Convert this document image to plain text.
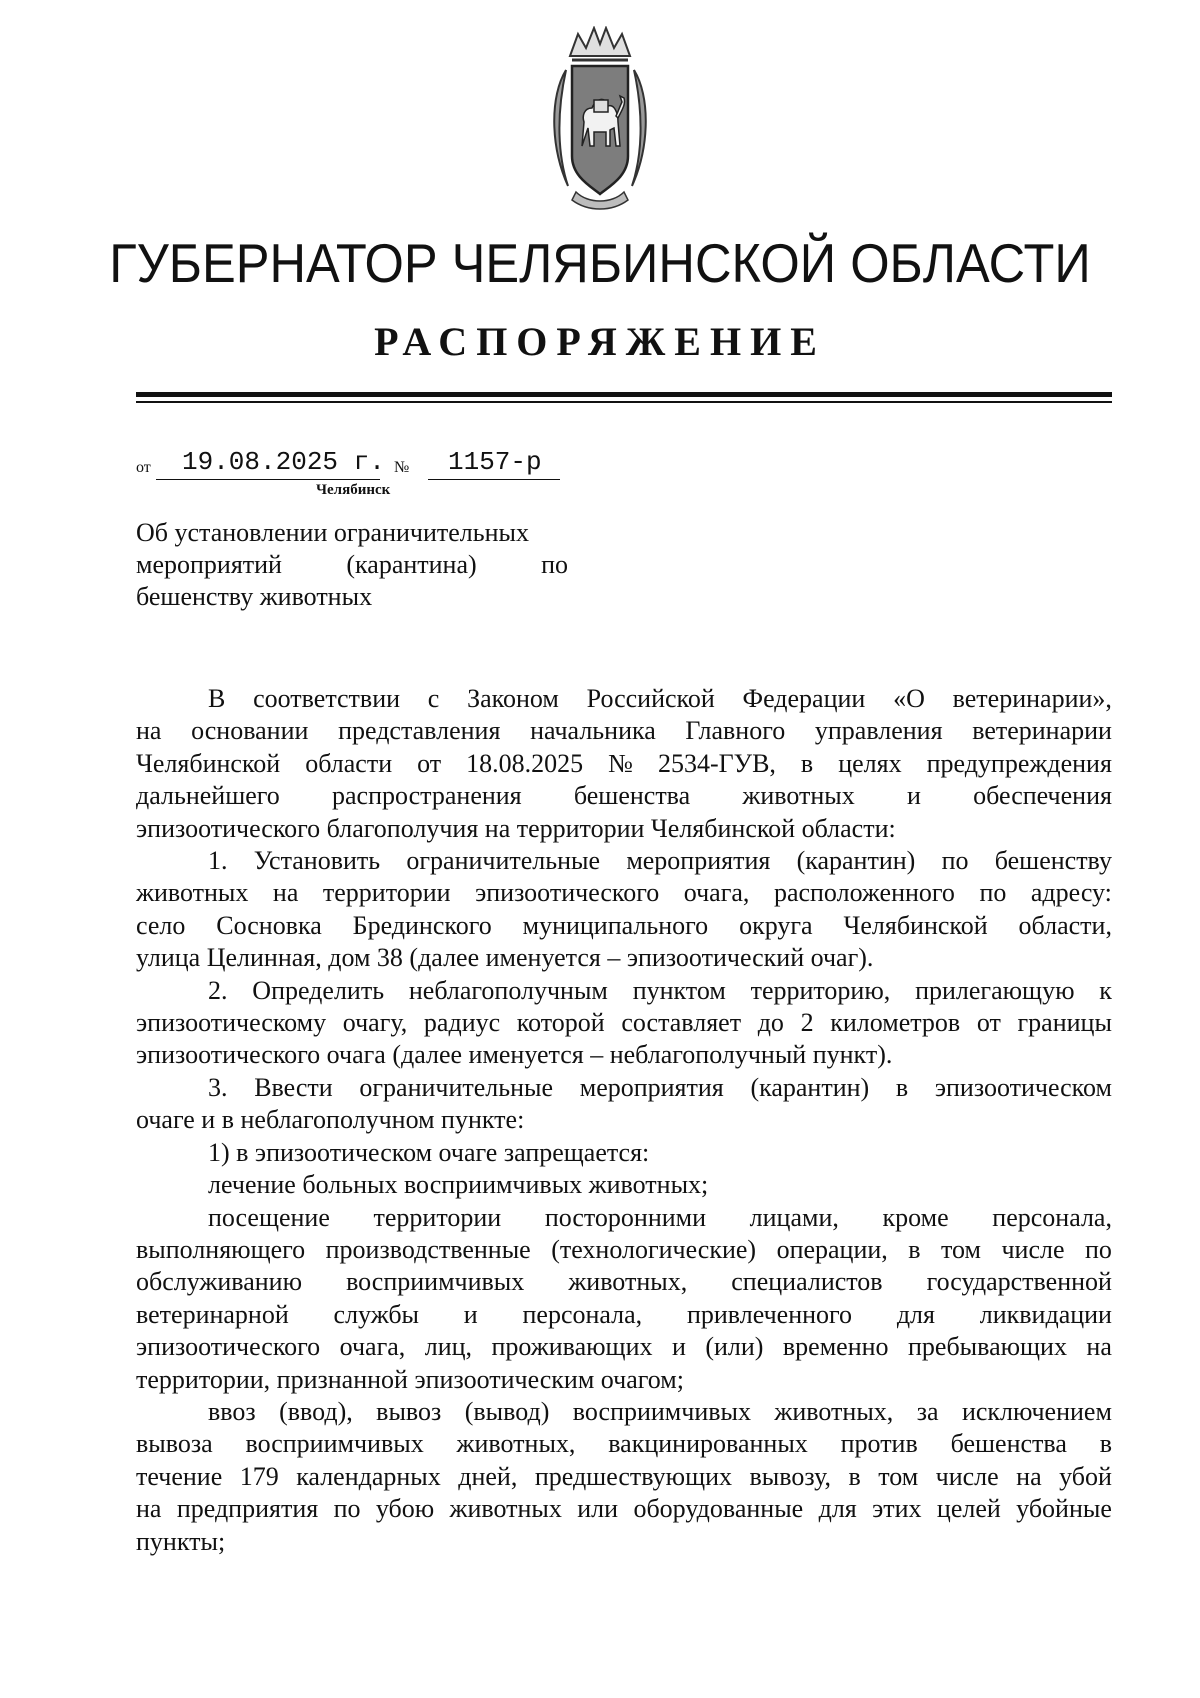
ГУБЕРНАТОР ЧЕЛЯБИНСКОЙ ОБЛАСТИ
РАСПОРЯЖЕНИЕ
от 19.08.2025 г. № 1157-р
Челябинск
Об установлении ограничительных
мероприятий (карантина) по
бешенству животных
В соответствии с Законом Российской Федерации «О ветеринарии»,
на основании представления начальника Главного управления ветеринарии
Челябинской области от 18.08.2025 № 2534-ГУВ, в целях предупреждения
дальнейшего распространения бешенства животных и обеспечения
эпизоотического благополучия на территории Челябинской области:
1. Установить ограничительные мероприятия (карантин) по бешенству
животных на территории эпизоотического очага, расположенного по адресу:
село Сосновка Брединского муниципального округа Челябинской области,
улица Целинная, дом 38 (далее именуется – эпизоотический очаг).
2. Определить неблагополучным пунктом территорию, прилегающую к
эпизоотическому очагу, радиус которой составляет до 2 километров от границы
эпизоотического очага (далее именуется – неблагополучный пункт).
3. Ввести ограничительные мероприятия (карантин) в эпизоотическом
очаге и в неблагополучном пункте:
1) в эпизоотическом очаге запрещается:
лечение больных восприимчивых животных;
посещение территории посторонними лицами, кроме персонала,
выполняющего производственные (технологические) операции, в том числе по
обслуживанию восприимчивых животных, специалистов государственной
ветеринарной службы и персонала, привлеченного для ликвидации
эпизоотического очага, лиц, проживающих и (или) временно пребывающих на
территории, признанной эпизоотическим очагом;
ввоз (ввод), вывоз (вывод) восприимчивых животных, за исключением
вывоза восприимчивых животных, вакцинированных против бешенства в
течение 179 календарных дней, предшествующих вывозу, в том числе на убой
на предприятия по убою животных или оборудованные для этих целей убойные
пункты;
